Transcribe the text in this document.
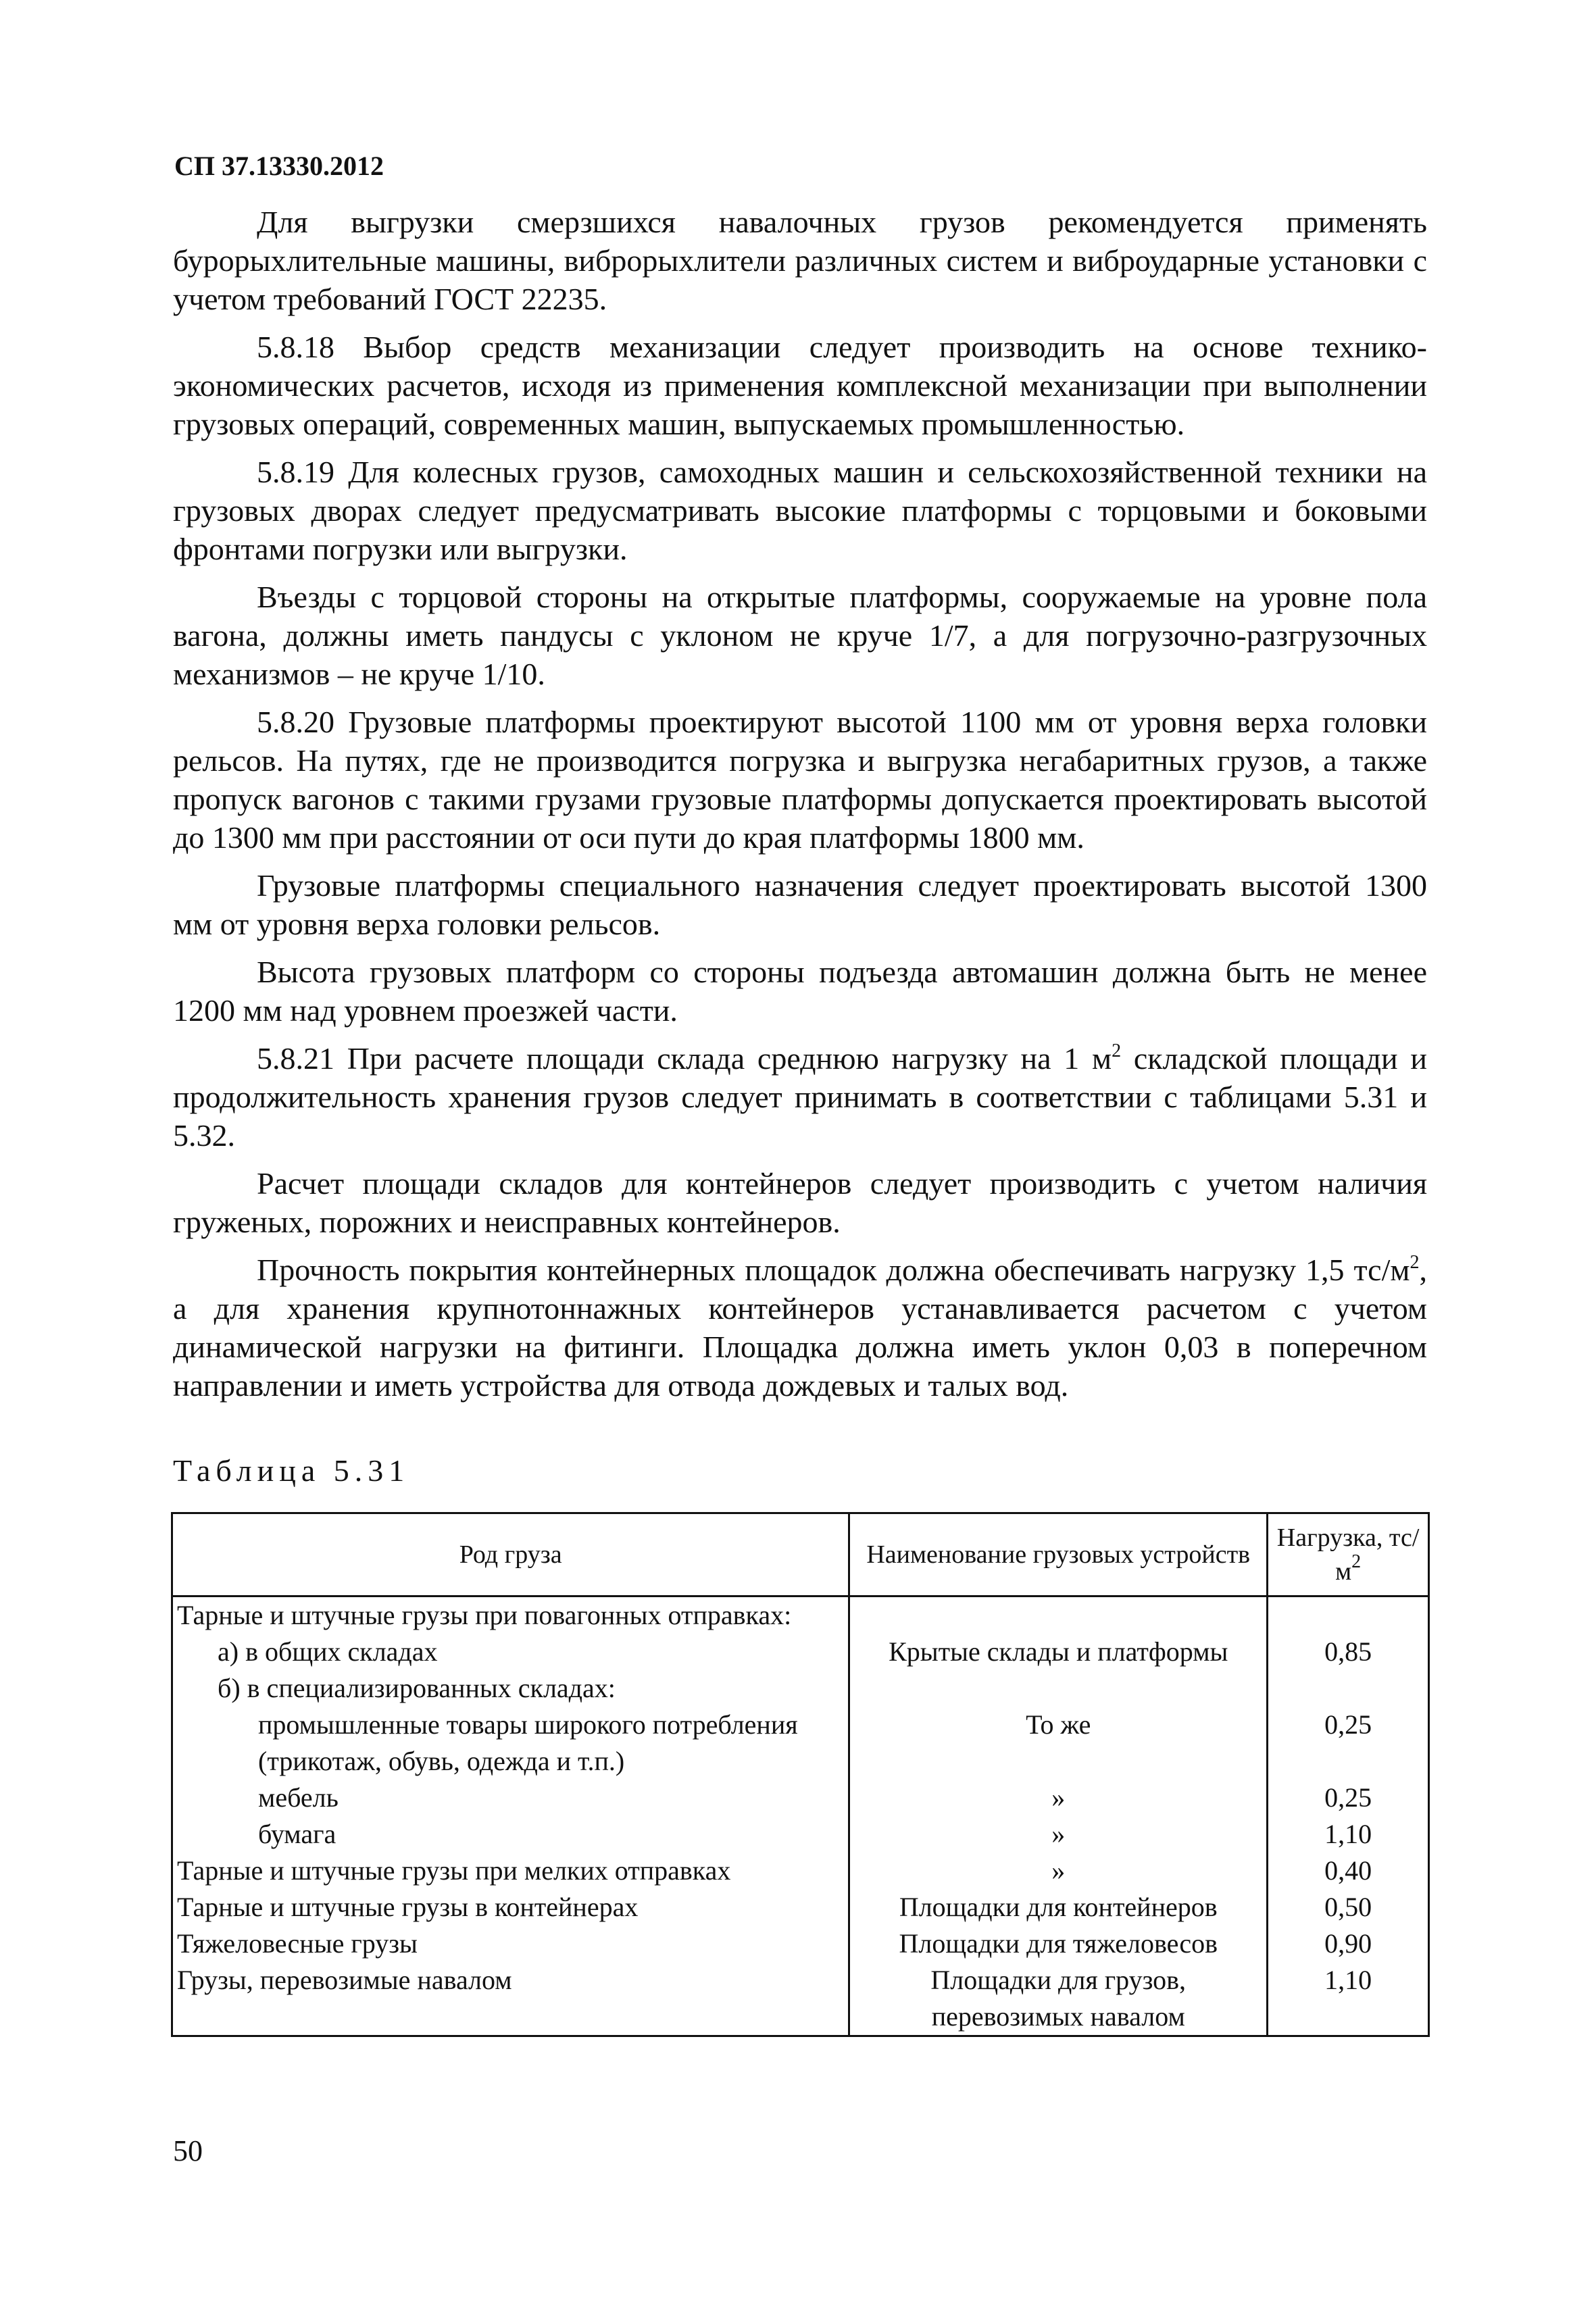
СП 37.13330.2012

Для выгрузки смерзшихся навалочных грузов рекомендуется применять бурорыхлительные машины, виброрыхлители различных систем и виброударные установки с учетом требований ГОСТ 22235.

5.8.18 Выбор средств механизации следует производить на основе технико-экономических расчетов, исходя из применения комплексной механизации при выполнении грузовых операций, современных машин, выпускаемых промышленностью.

5.8.19 Для колесных грузов, самоходных машин и сельскохозяйственной техники на грузовых дворах следует предусматривать высокие платформы с торцовыми и боковыми фронтами погрузки или выгрузки.

Въезды с торцовой стороны на открытые платформы, сооружаемые на уровне пола вагона, должны иметь пандусы с уклоном не круче 1/7, а для погрузочно-разгрузочных механизмов – не круче 1/10.

5.8.20 Грузовые платформы проектируют высотой 1100 мм от уровня верха головки рельсов. На путях, где не производится погрузка и выгрузка негабаритных грузов, а также пропуск вагонов с такими грузами грузовые платформы допускается проектировать высотой до 1300 мм при расстоянии от оси пути до края платформы 1800 мм.

Грузовые платформы специального назначения следует проектировать высотой 1300 мм от уровня верха головки рельсов.

Высота грузовых платформ со стороны подъезда автомашин должна быть не менее 1200 мм над уровнем проезжей части.

5.8.21 При расчете площади склада среднюю нагрузку на 1 $м^2$ складской площади и продолжительность хранения грузов следует принимать в соответствии с таблицами 5.31 и 5.32.

Расчет площади складов для контейнеров следует производить с учетом наличия груженых, порожних и неисправных контейнеров.

Прочность покрытия контейнерных площадок должна обеспечивать нагрузку 1,5 $тс/м^2$, а для хранения крупнотоннажных контейнеров устанавливается расчетом с учетом динамической нагрузки на фитинги. Площадка должна иметь уклон 0,03 в поперечном направлении и иметь устройства для отвода дождевых и талых вод.

Таблица 5.31
Род груза	Наименование грузовых устройств	Нагрузка, $тс/м^2$
Тарные и штучные грузы при повагонных отправках:		
а) в общих складах	Крытые склады и платформы	0,85
б) в специализированных складах:		
промышленные товары широкого потребления (трикотаж, обувь, одежда и т.п.)	То же	0,25
мебель	»	0,25
бумага	»	1,10
Тарные и штучные грузы при мелких отправках	»	0,40
Тарные и штучные грузы в контейнерах	Площадки для контейнеров	0,50
Тяжеловесные грузы	Площадки для тяжеловесов	0,90
Грузы, перевозимые навалом	Площадки для грузов, перевозимых навалом	1,10
50
